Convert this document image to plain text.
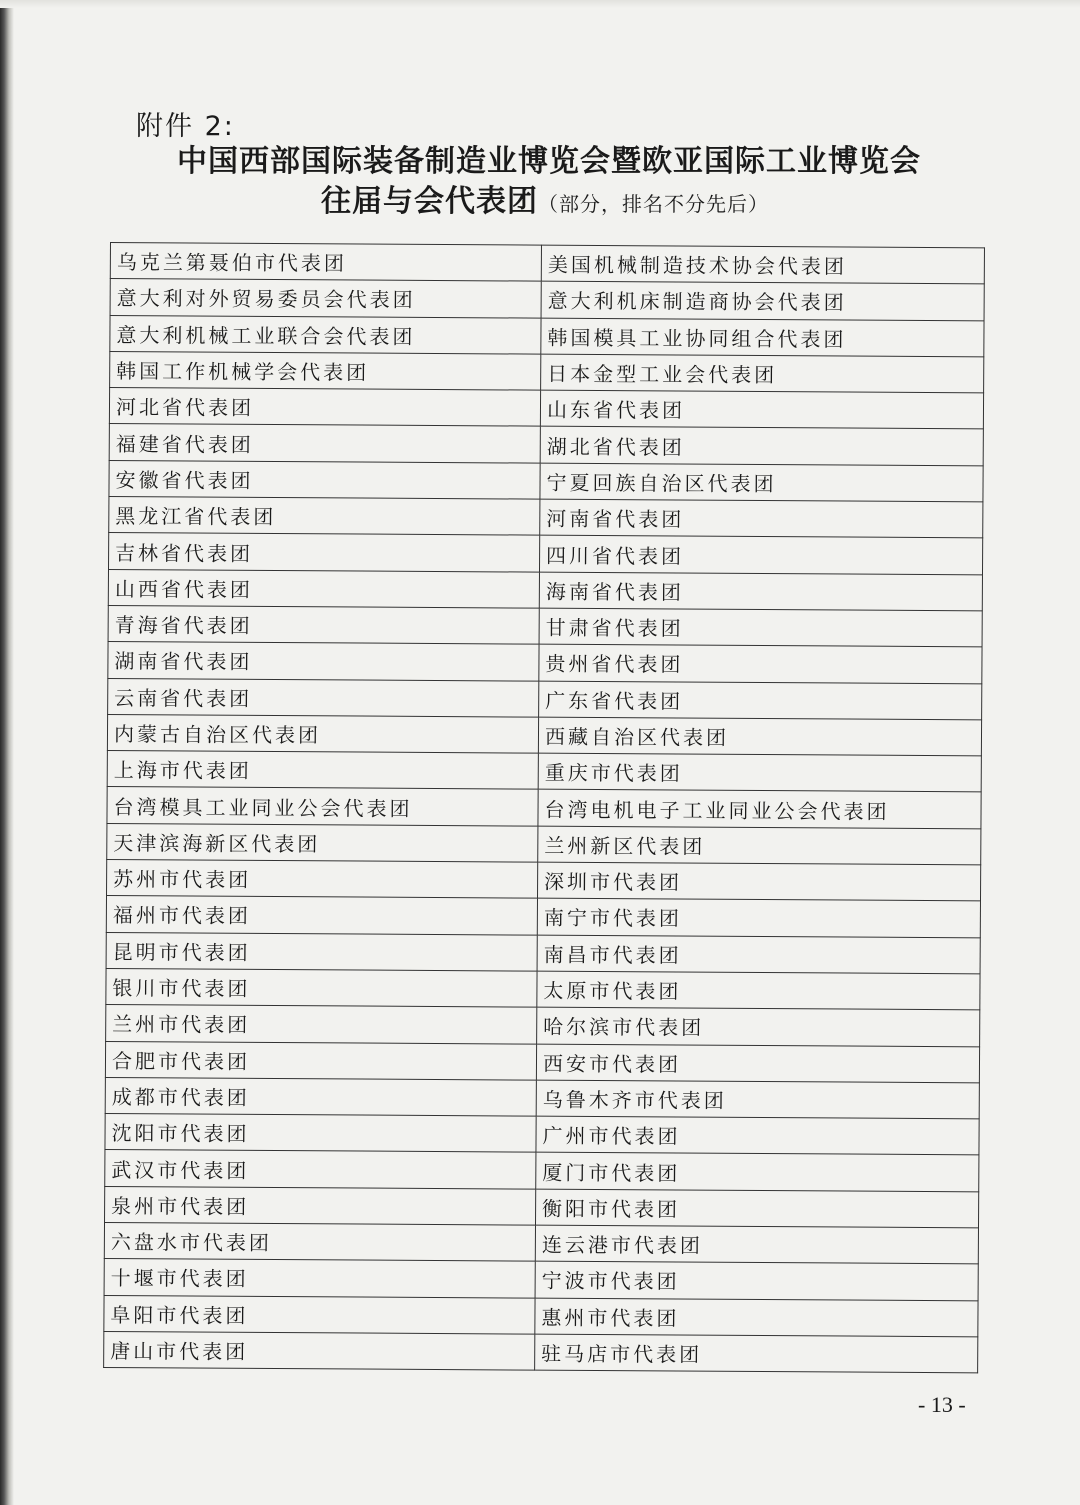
附件 2:
中国西部国际装备制造业博览会暨欧亚国际工业博览会
往届与会代表团（部分，排名不分先后）
乌克兰第聂伯市代表团	美国机械制造技术协会代表团
意大利对外贸易委员会代表团	意大利机床制造商协会代表团
意大利机械工业联合会代表团	韩国模具工业协同组合代表团
韩国工作机械学会代表团	日本金型工业会代表团
河北省代表团	山东省代表团
福建省代表团	湖北省代表团
安徽省代表团	宁夏回族自治区代表团
黑龙江省代表团	河南省代表团
吉林省代表团	四川省代表团
山西省代表团	海南省代表团
青海省代表团	甘肃省代表团
湖南省代表团	贵州省代表团
云南省代表团	广东省代表团
内蒙古自治区代表团	西藏自治区代表团
上海市代表团	重庆市代表团
台湾模具工业同业公会代表团	台湾电机电子工业同业公会代表团
天津滨海新区代表团	兰州新区代表团
苏州市代表团	深圳市代表团
福州市代表团	南宁市代表团
昆明市代表团	南昌市代表团
银川市代表团	太原市代表团
兰州市代表团	哈尔滨市代表团
合肥市代表团	西安市代表团
成都市代表团	乌鲁木齐市代表团
沈阳市代表团	广州市代表团
武汉市代表团	厦门市代表团
泉州市代表团	衡阳市代表团
六盘水市代表团	连云港市代表团
十堰市代表团	宁波市代表团
阜阳市代表团	惠州市代表团
唐山市代表团	驻马店市代表团
- 13 -
